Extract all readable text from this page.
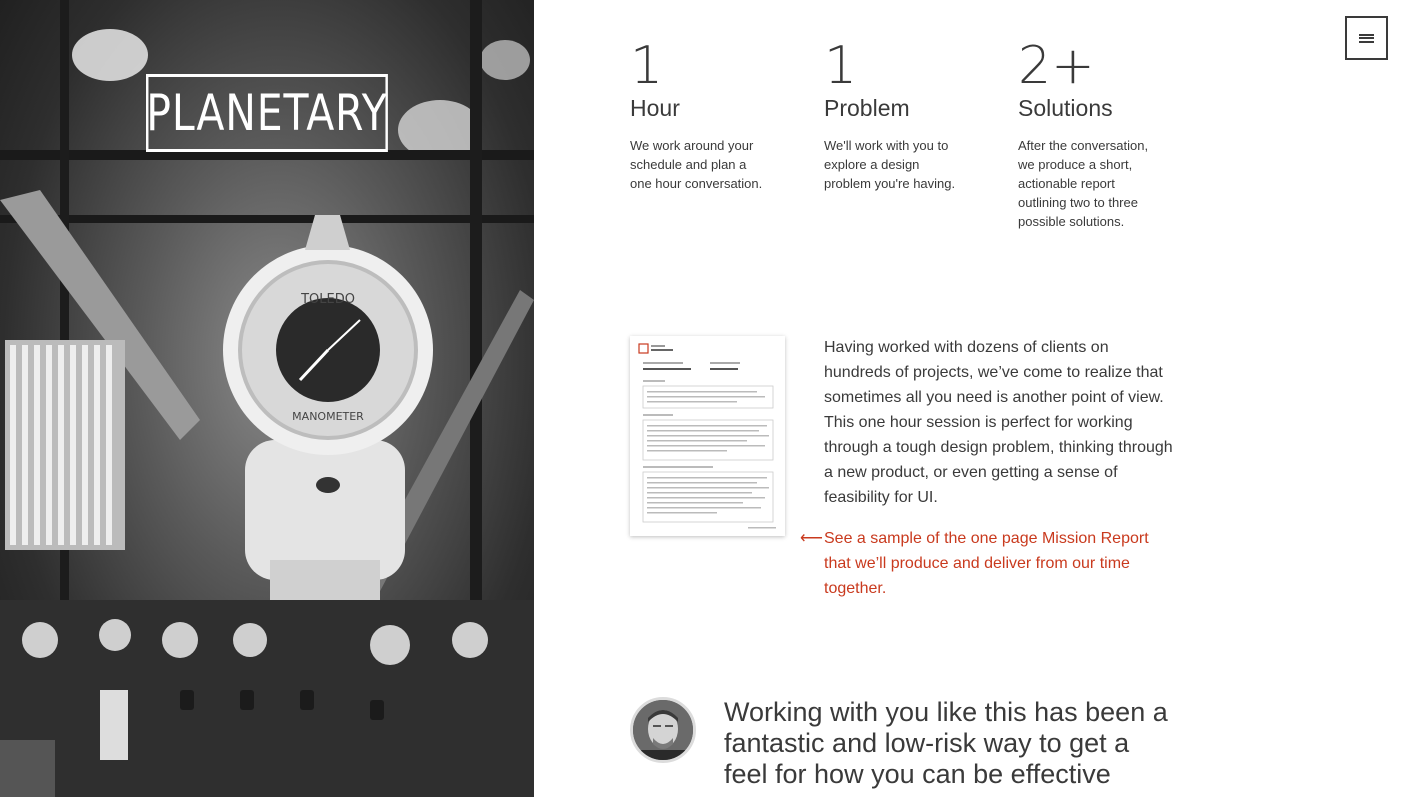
TOLEDO
MANOMETER
PLANETARY
1
Hour
We work around your schedule and plan a one hour conversation.
1
Problem
We'll work with you to explore a design problem you're having.
2+
Solutions
After the conversation, we produce a short, actionable report outlining two to three possible solutions.

Having worked with dozens of clients on hundreds of projects, we’ve come to realize that sometimes all you need is another point of view. This one hour session is perfect for working through a tough design problem, thinking through a new product, or even getting a sense of feasibility for UI.

⟵ See a sample of the one page Mission Report that we’ll produce and deliver from our time together.
Working with you like this has been a fantastic and low-risk way to get a feel for how you can be effective
